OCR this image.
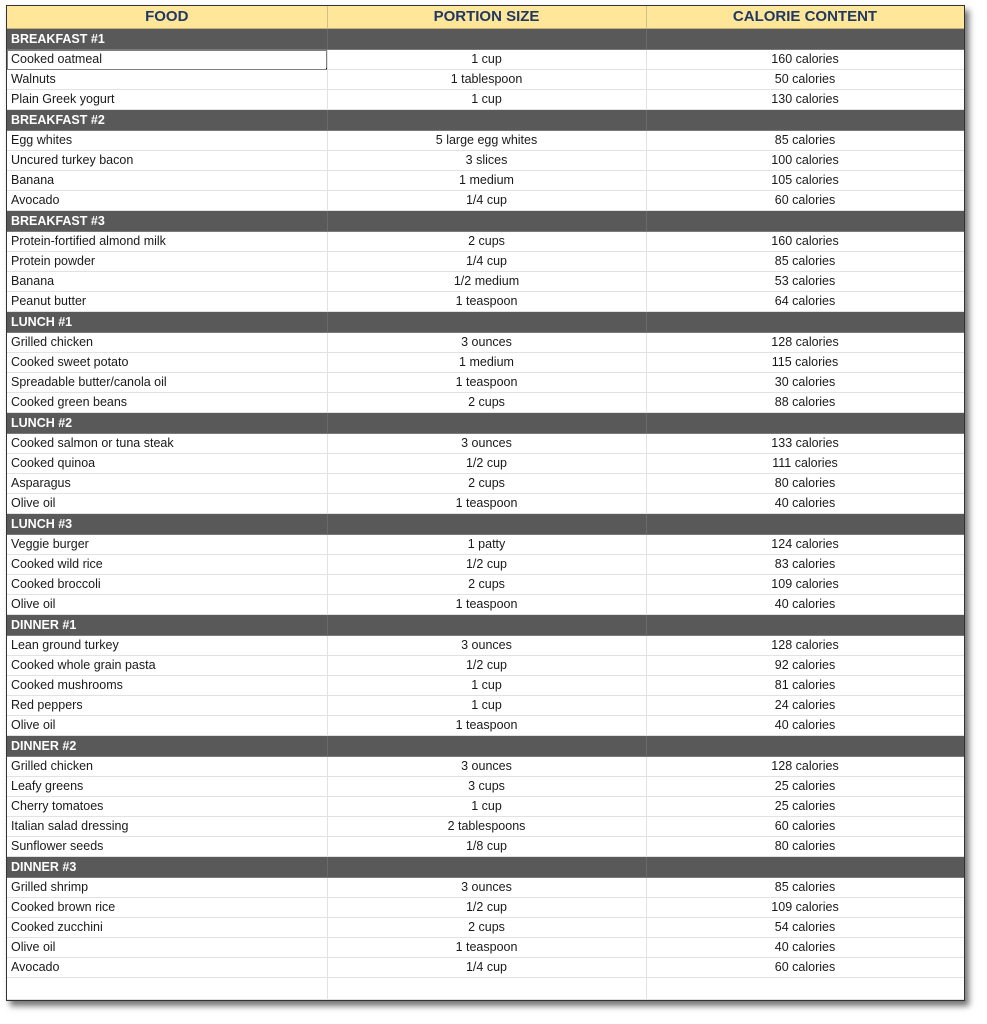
FOOD	PORTION SIZE	CALORIE CONTENT
BREAKFAST #1		
Cooked oatmeal	1 cup	160 calories
Walnuts	1 tablespoon	50 calories
Plain Greek yogurt	1 cup	130 calories
BREAKFAST #2		
Egg whites	5 large egg whites	85 calories
Uncured turkey bacon	3 slices	100 calories
Banana	1 medium	105 calories
Avocado	1/4 cup	60 calories
BREAKFAST #3		
Protein-fortified almond milk	2 cups	160 calories
Protein powder	1/4 cup	85 calories
Banana	1/2 medium	53 calories
Peanut butter	1 teaspoon	64 calories
LUNCH #1		
Grilled chicken	3 ounces	128 calories
Cooked sweet potato	1 medium	115 calories
Spreadable butter/canola oil	1 teaspoon	30 calories
Cooked green beans	2 cups	88 calories
LUNCH #2		
Cooked salmon or tuna steak	3 ounces	133 calories
Cooked quinoa	1/2 cup	111 calories
Asparagus	2 cups	80 calories
Olive oil	1 teaspoon	40 calories
LUNCH #3		
Veggie burger	1 patty	124 calories
Cooked wild rice	1/2 cup	83 calories
Cooked broccoli	2 cups	109 calories
Olive oil	1 teaspoon	40 calories
DINNER #1		
Lean ground turkey	3 ounces	128 calories
Cooked whole grain pasta	1/2 cup	92 calories
Cooked mushrooms	1 cup	81 calories
Red peppers	1 cup	24 calories
Olive oil	1 teaspoon	40 calories
DINNER #2		
Grilled chicken	3 ounces	128 calories
Leafy greens	3 cups	25 calories
Cherry tomatoes	1 cup	25 calories
Italian salad dressing	2 tablespoons	60 calories
Sunflower seeds	1/8 cup	80 calories
DINNER #3		
Grilled shrimp	3 ounces	85 calories
Cooked brown rice	1/2 cup	109 calories
Cooked zucchini	2 cups	54 calories
Olive oil	1 teaspoon	40 calories
Avocado	1/4 cup	60 calories
